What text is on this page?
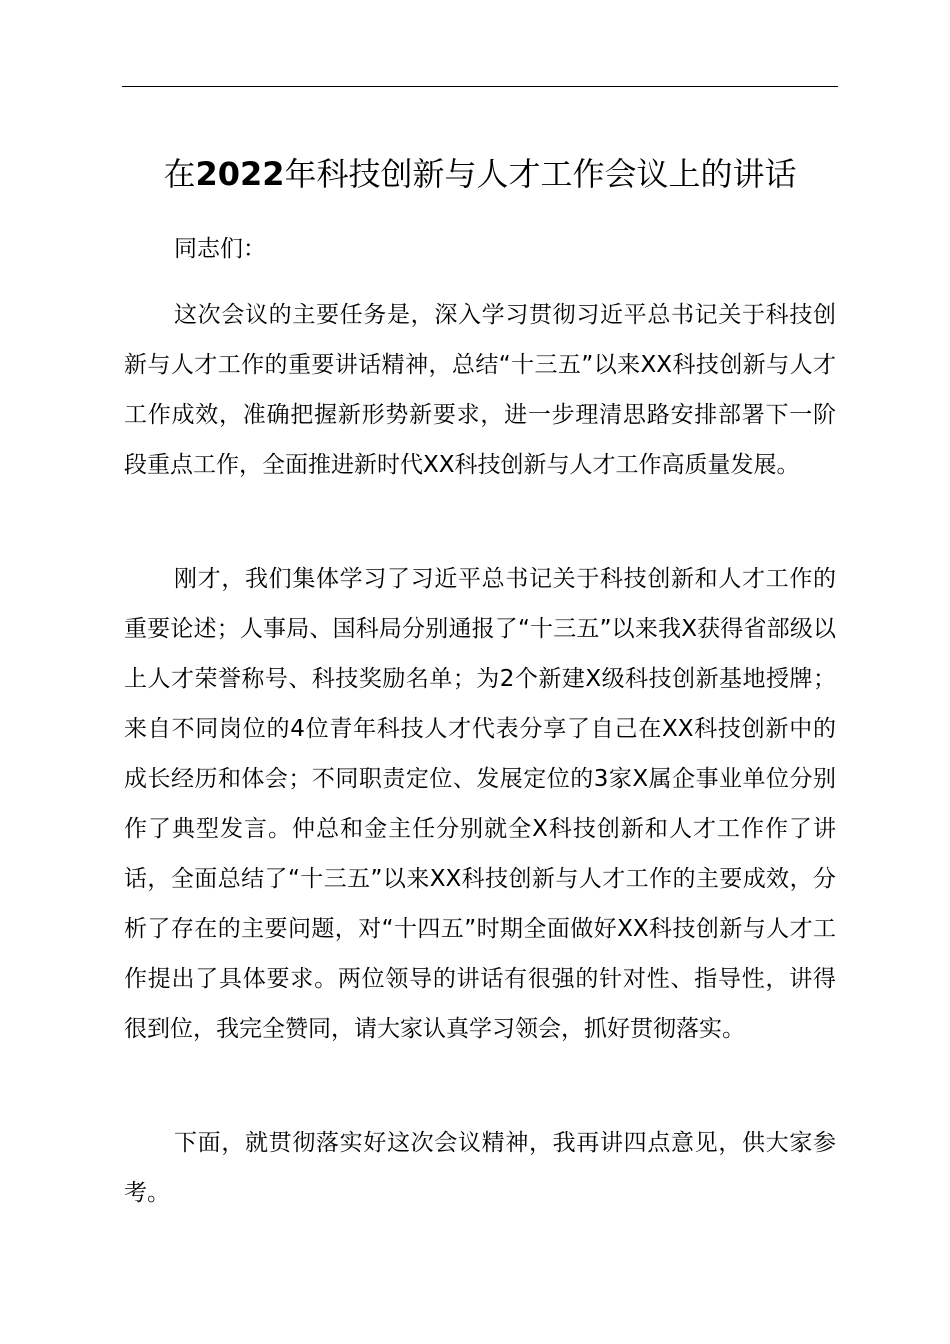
在2022年科技创新与人才工作会议上的讲话

同志们：

这次会议的主要任务是，深入学习贯彻习近平总书记关于科技创新与人才工作的重要讲话精神，总结“十三五”以来XX科技创新与人才工作成效，准确把握新形势新要求，进一步理清思路安排部署下一阶段重点工作，全面推进新时代XX科技创新与人才工作高质量发展。

刚才，我们集体学习了习近平总书记关于科技创新和人才工作的重要论述；人事局、国科局分别通报了“十三五”以来我X获得省部级以上人才荣誉称号、科技奖励名单；为2个新建X级科技创新基地授牌；来自不同岗位的4位青年科技人才代表分享了自己在XX科技创新中的成长经历和体会；不同职责定位、发展定位的3家X属企事业单位分别作了典型发言。仲总和金主任分别就全X科技创新和人才工作作了讲话，全面总结了“十三五”以来XX科技创新与人才工作的主要成效，分析了存在的主要问题，对“十四五”时期全面做好XX科技创新与人才工作提出了具体要求。两位领导的讲话有很强的针对性、指导性，讲得很到位，我完全赞同，请大家认真学习领会，抓好贯彻落实。

下面，就贯彻落实好这次会议精神，我再讲四点意见，供大家参考。
